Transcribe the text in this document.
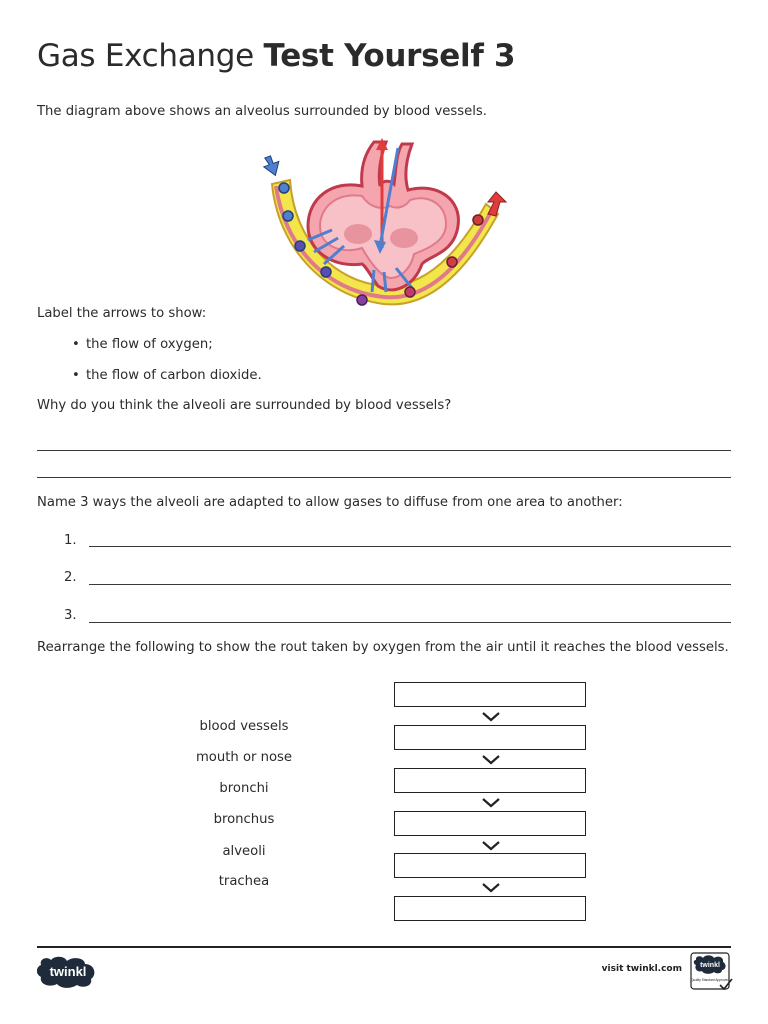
Gas Exchange Test Yourself 3
The diagram above shows an alveolus surrounded by blood vessels.
Label the arrows to show:
• the flow of oxygen;
• the flow of carbon dioxide.
Why do you think the alveoli are surrounded by blood vessels?
Name 3 ways the alveoli are adapted to allow gases to diffuse from one area to another:
1.
2.
3.
Rearrange the following to show the rout taken by oxygen from the air until it reaches the blood vessels.
blood vessels
mouth or nose
bronchi
bronchus
alveoli
trachea
twinkl	visit twinkl.com	twinkl
Quality Standard Approved
